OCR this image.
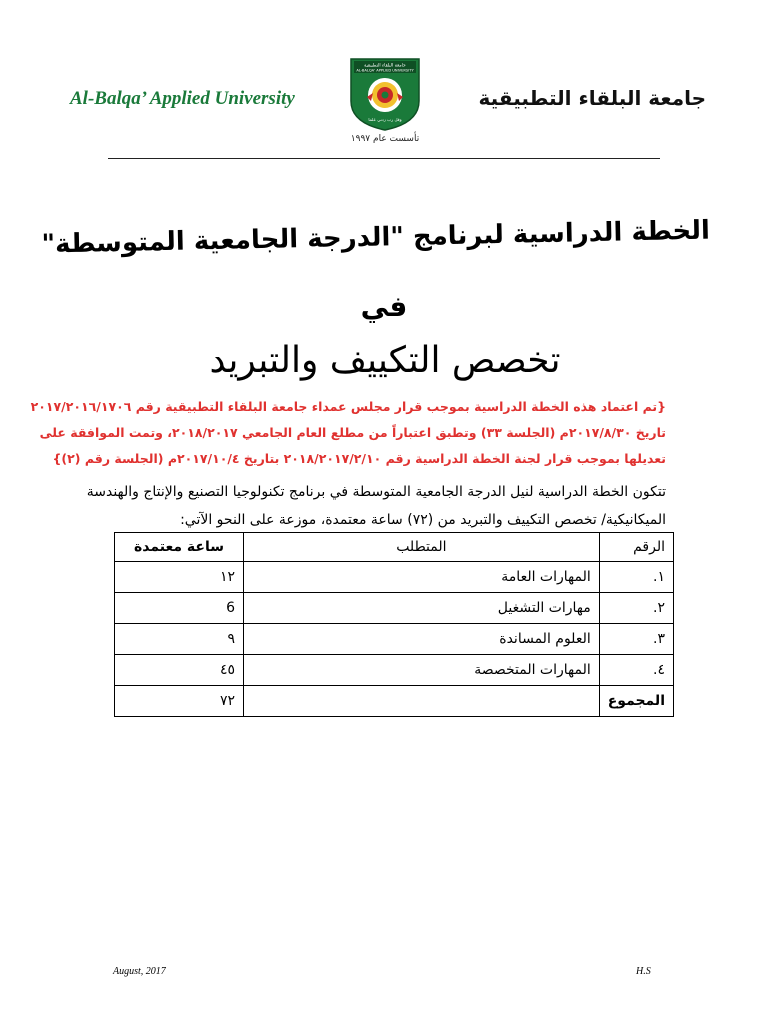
Al-Balqa’ Applied University
جامعة البلقاء التطبيقية
AL-BALQA' APPLIED UNIVERSITY
وقل رب زدني علما
جامعة البلقاء التطبيقية
تأسست عام ١٩٩٧
الخطة الدراسية لبرنامج "الدرجة الجامعية المتوسطة"
في
تخصص التكييف والتبريد
{تم اعتماد هذه الخطة الدراسية بموجب قرار مجلس عمداء جامعة البلقاء التطبيقية رقم ٢٠١٧/٢٠١٦/١٧٠٦
تاريخ ٢٠١٧/٨/٣٠م (الجلسة ٣٣) وتطبق اعتباراً من مطلع العام الجامعي ٢٠١٨/٢٠١٧، وتمت الموافقة على
تعديلها بموجب قرار لجنة الخطة الدراسية رقم ٢٠١٨/٢٠١٧/٢/١٠ بتاريخ ٢٠١٧/١٠/٤م (الجلسة رقم (٢)}
تتكون الخطة الدراسية لنيل الدرجة الجامعية المتوسطة في برنامج تكنولوجيا التصنيع والإنتاج والهندسة
الميكانيكية/ تخصص التكييف والتبريد من (٧٢) ساعة معتمدة، موزعة على النحو الآتي:
الرقم	المتطلب	ساعة معتمدة
١.	المهارات العامة	١٢
٢.	مهارات التشغيل	6
٣.	العلوم المساندة	٩
٤.	المهارات المتخصصة	٤٥
المجموع		٧٢
August, 2017	H.S
